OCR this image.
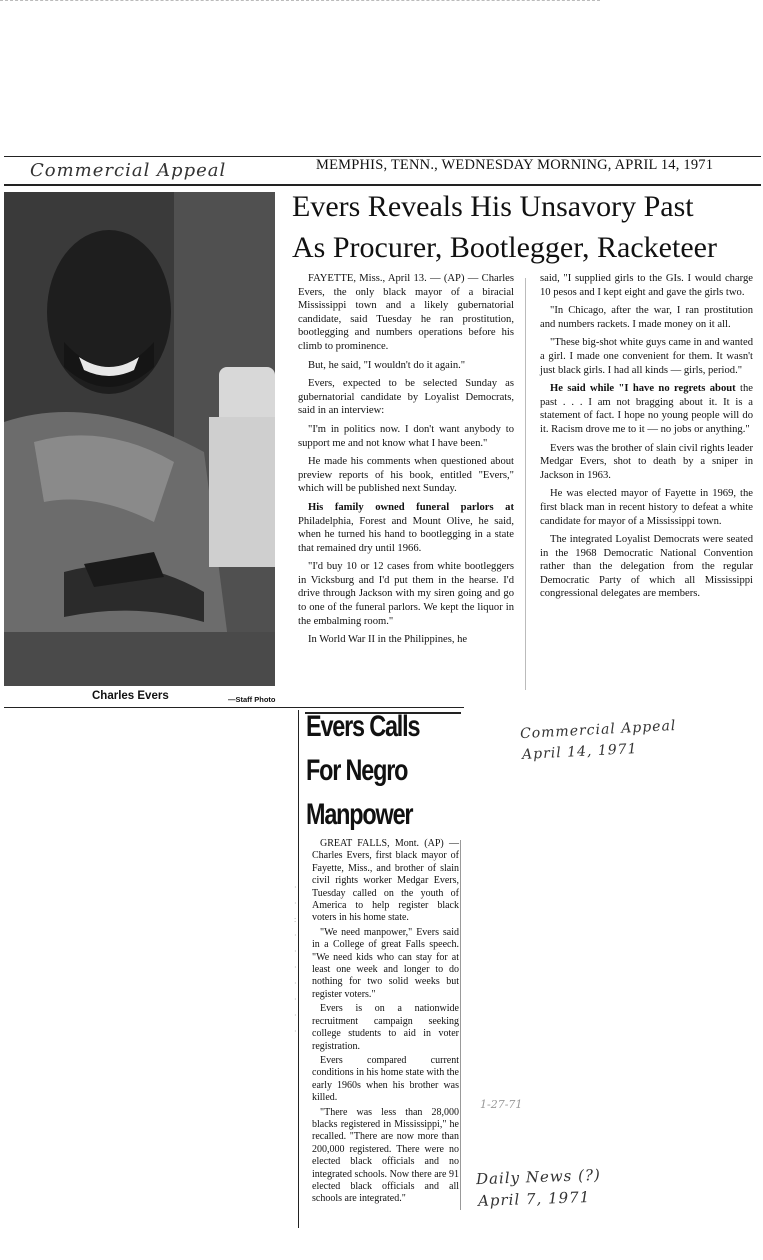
Commercial Appeal	MEMPHIS, TENN., WEDNESDAY MORNING, APRIL 14, 1971
Charles Evers	—Staff Photo
Evers Reveals His Unsavory Past
As Procurer, Bootlegger, Racketeer

FAYETTE, Miss., April 13. — (AP) — Charles Evers, the only black mayor of a biracial Mississippi town and a likely gubernatorial candidate, said Tuesday he ran prostitution, bootlegging and numbers operations before his climb to prominence.

But, he said, "I wouldn't do it again."

Evers, expected to be selected Sunday as gubernatorial candidate by Loyalist Democrats, said in an interview:

"I'm in politics now. I don't want anybody to support me and not know what I have been."

He made his comments when questioned about preview reports of his book, entitled "Evers," which will be published next Sunday.

His family owned funeral parlors at Philadelphia, Forest and Mount Olive, he said, when he turned his hand to bootlegging in a state that remained dry until 1966.

"I'd buy 10 or 12 cases from white bootleggers in Vicksburg and I'd put them in the hearse. I'd drive through Jackson with my siren going and go to one of the funeral parlors. We kept the liquor in the embalming room."

In World War II in the Philippines, he

said, "I supplied girls to the GIs. I would charge 10 pesos and I kept eight and gave the girls two.

"In Chicago, after the war, I ran prostitution and numbers rackets. I made money on it all.

"These big-shot white guys came in and wanted a girl. I made one convenient for them. It wasn't just black girls. I had all kinds — girls, period."

He said while "I have no regrets about the past . . . I am not bragging about it. It is a statement of fact. I hope no young people will do it. Racism drove me to it — no jobs or anything."

Evers was the brother of slain civil rights leader Medgar Evers, shot to death by a sniper in Jackson in 1963.

He was elected mayor of Fayette in 1969, the first black man in recent history to defeat a white candidate for mayor of a Mississippi town.

The integrated Loyalist Democrats were seated in the 1968 Democratic National Convention rather than the delegation from the regular Democratic Party of which all Mississippi congressional delegates are members.

Evers Calls For Negro Manpower

GREAT FALLS, Mont. (AP) — Charles Evers, first black mayor of Fayette, Miss., and brother of slain civil rights worker Medgar Evers, Tuesday called on the youth of America to help register black voters in his home state.

"We need manpower," Evers said in a College of great Falls speech. "We need kids who can stay for at least one week and longer to do nothing for two solid weeks but register voters."

Evers is on a nationwide recruitment campaign seeking college students to aid in voter registration.

Evers compared current conditions in his home state with the early 1960s when his brother was killed.

"There was less than 28,000 blacks registered in Mississippi," he recalled. "There are now more than 200,000 registered. There were no elected black officials and no integrated schools. Now there are 91 elected black officials and all schools are integrated."

·
·
:
·
·
·
·
·
·
·
Commercial Appeal
April 14, 1971
1-27-71
Daily News (?)
April 7, 1971
